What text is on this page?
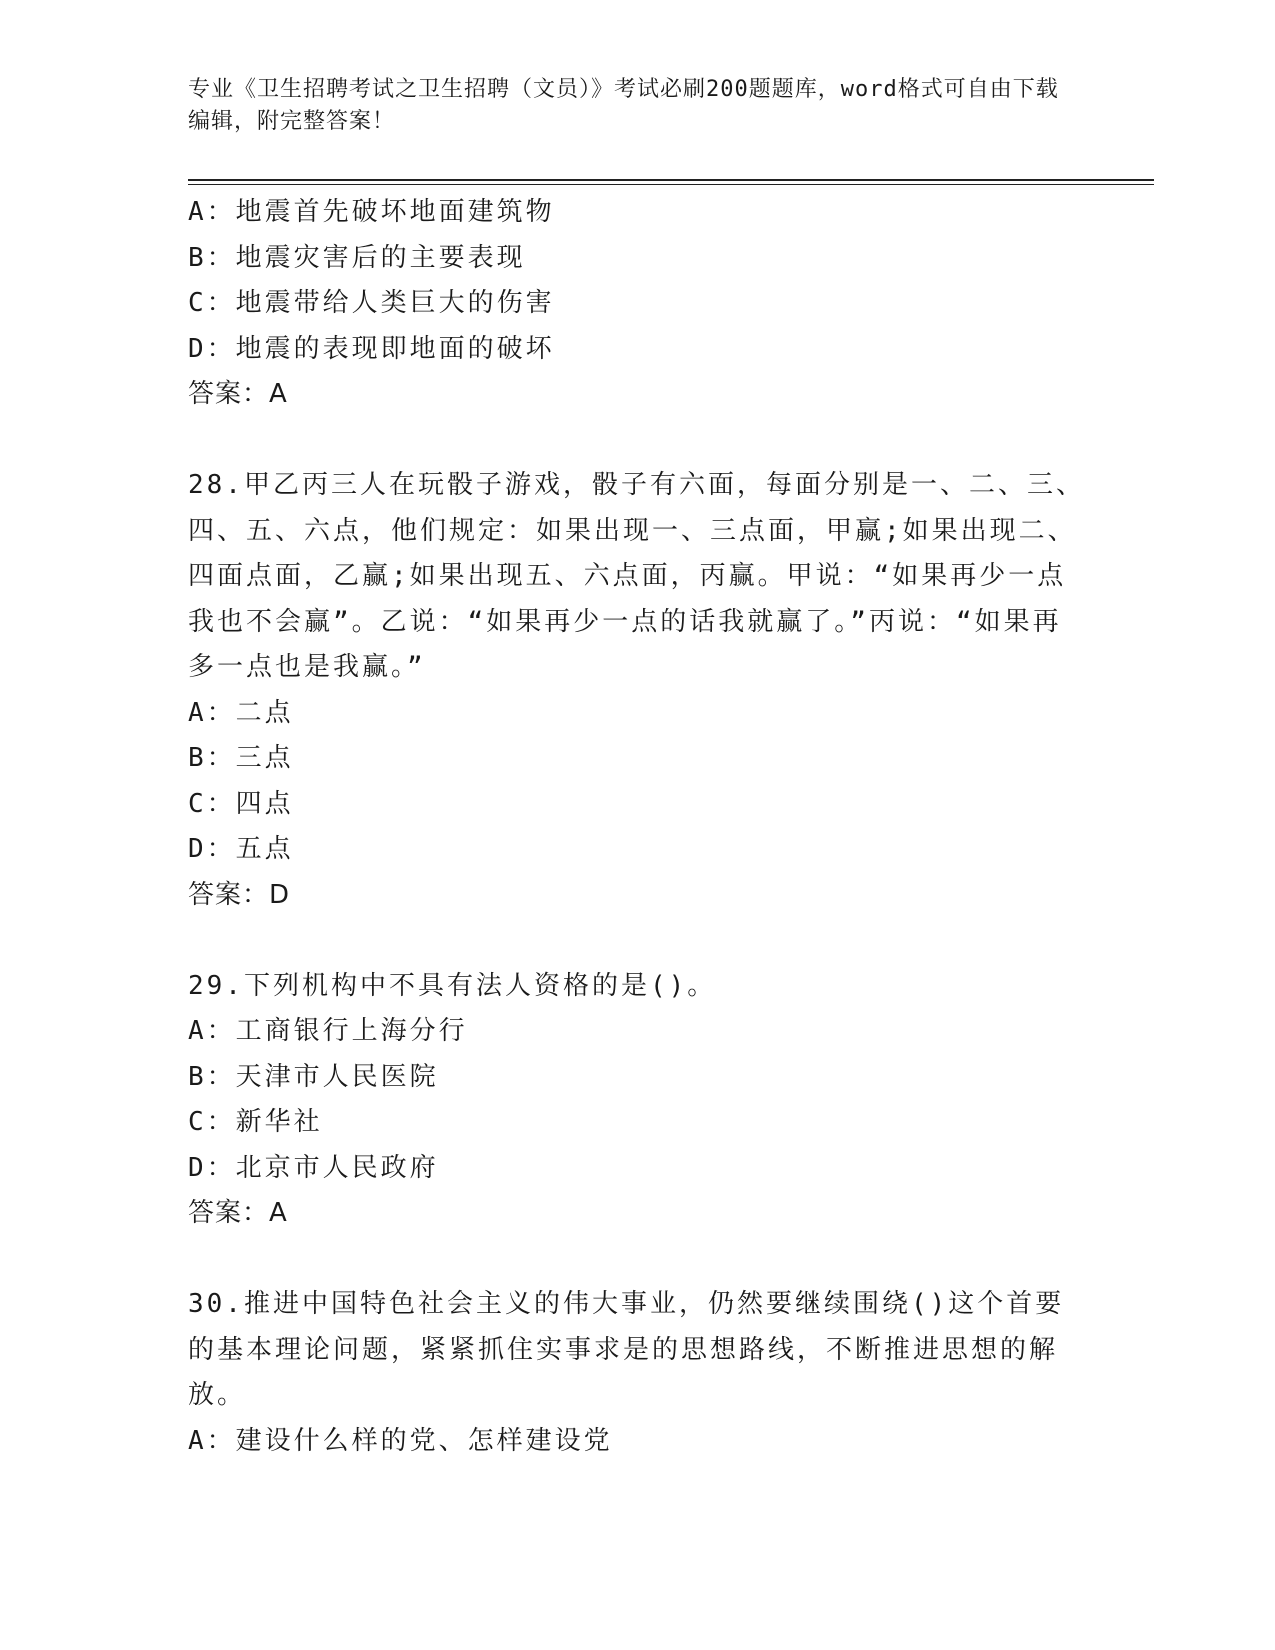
专业《卫生招聘考试之卫生招聘（文员）》考试必刷200题题库，word格式可自由下载编辑，附完整答案！
A：地震首先破坏地面建筑物
B：地震灾害后的主要表现
C：地震带给人类巨大的伤害
D：地震的表现即地面的破坏
答案：A
28.甲乙丙三人在玩骰子游戏，骰子有六面，每面分别是一、二、三、四、五、六点，他们规定：如果出现一、三点面，甲赢;如果出现二、四面点面，乙赢;如果出现五、六点面，丙赢。甲说：“如果再少一点我也不会赢”。乙说：“如果再少一点的话我就赢了。”丙说：“如果再多一点也是我赢。”
A：二点
B：三点
C：四点
D：五点
答案：D
29.下列机构中不具有法人资格的是()。
A：工商银行上海分行
B：天津市人民医院
C：新华社
D：北京市人民政府
答案：A
30.推进中国特色社会主义的伟大事业，仍然要继续围绕()这个首要的基本理论问题，紧紧抓住实事求是的思想路线，不断推进思想的解放。
A：建设什么样的党、怎样建设党
